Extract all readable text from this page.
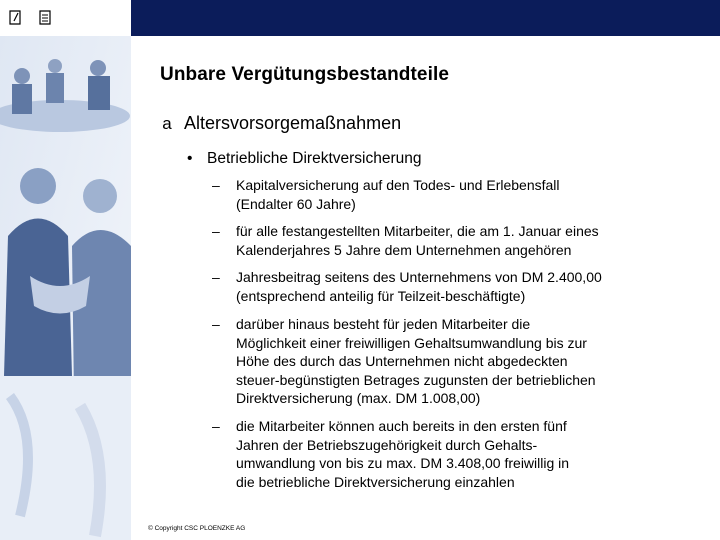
Unbare Vergütungsbestandteile
a Altersvorsorgemaßnahmen
• Betriebliche Direktversicherung
–	Kapitalversicherung auf den Todes- und Erlebensfall
(Endalter 60 Jahre)
–	für alle festangestellten Mitarbeiter, die am 1. Januar eines
Kalenderjahres 5 Jahre dem Unternehmen angehören
–	Jahresbeitrag seitens des Unternehmens von DM 2.400,00
(entsprechend anteilig für Teilzeit-beschäftigte)
–	darüber hinaus besteht für jeden Mitarbeiter die
Möglichkeit einer freiwilligen Gehaltsumwandlung bis zur
Höhe des durch das Unternehmen nicht abgedeckten
steuer-begünstigten Betrages zugunsten der betrieblichen
Direktversicherung (max. DM 1.008,00)
–	die Mitarbeiter können auch bereits in den ersten fünf
Jahren der Betriebszugehörigkeit durch Gehalts-
umwandlung von bis zu max. DM 3.408,00 freiwillig in
die betriebliche Direktversicherung einzahlen
© Copyright CSC PLOENZKE AG
